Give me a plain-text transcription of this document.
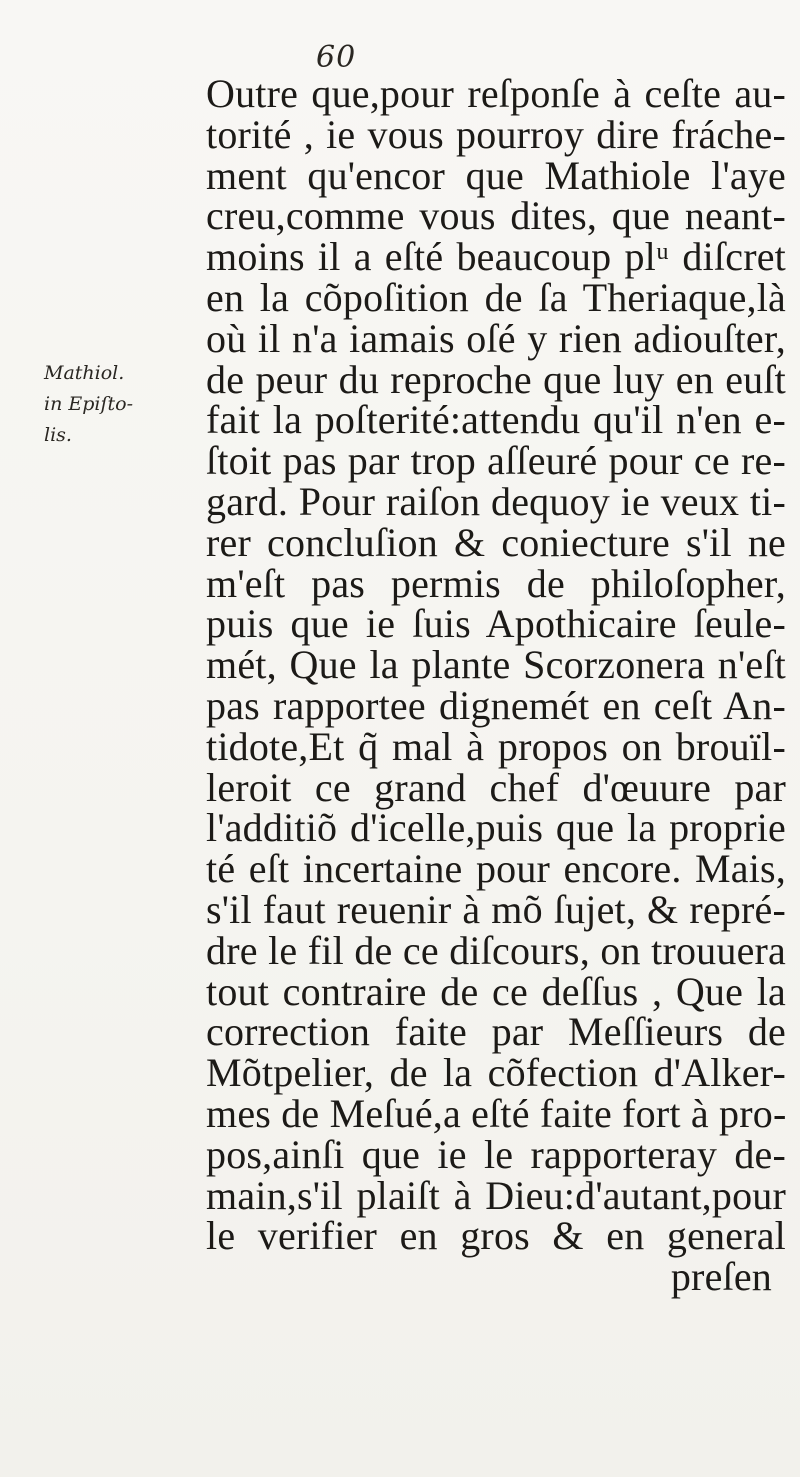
60
Mathiol.
in Epiſto-
lis.
Outre que,pour reſponſe à ceſte au-
torité , ie vous pourroy dire fráche-
ment qu'encor que Mathiole l'aye
creu,comme vous dites, que neant-
moins il a eſté beaucoup plᵘ diſcret
en la cõpoſition de ſa Theriaque,là
où il n'a iamais oſé y rien adiouſter,
de peur du reproche que luy en euſt
fait la poſterité:attendu qu'il n'en e-
ſtoit pas par trop aſſeuré pour ce re-
gard. Pour raiſon dequoy ie veux ti-
rer concluſion & coniecture s'il ne
m'eſt pas permis de philoſopher,
puis que ie ſuis Apothicaire ſeule-
mét, Que la plante Scorzonera n'eſt
pas rapportee dignemét en ceſt An-
tidote,Et q̃ mal à propos on brouïl-
leroit ce grand chef d'œuure par
l'additiõ d'icelle,puis que la proprie
té eſt incertaine pour encore. Mais,
s'il faut reuenir à mõ ſujet, & repré-
dre le fil de ce diſcours, on trouuera
tout contraire de ce deſſus , Que la
correction faite par Meſſieurs de
Mõtpelier, de la cõfection d'Alker-
mes de Meſué,a eſté faite fort à pro-
pos,ainſi que ie le rapporteray de-
main,s'il plaiſt à Dieu:d'autant,pour
le verifier en gros & en general
preſen
